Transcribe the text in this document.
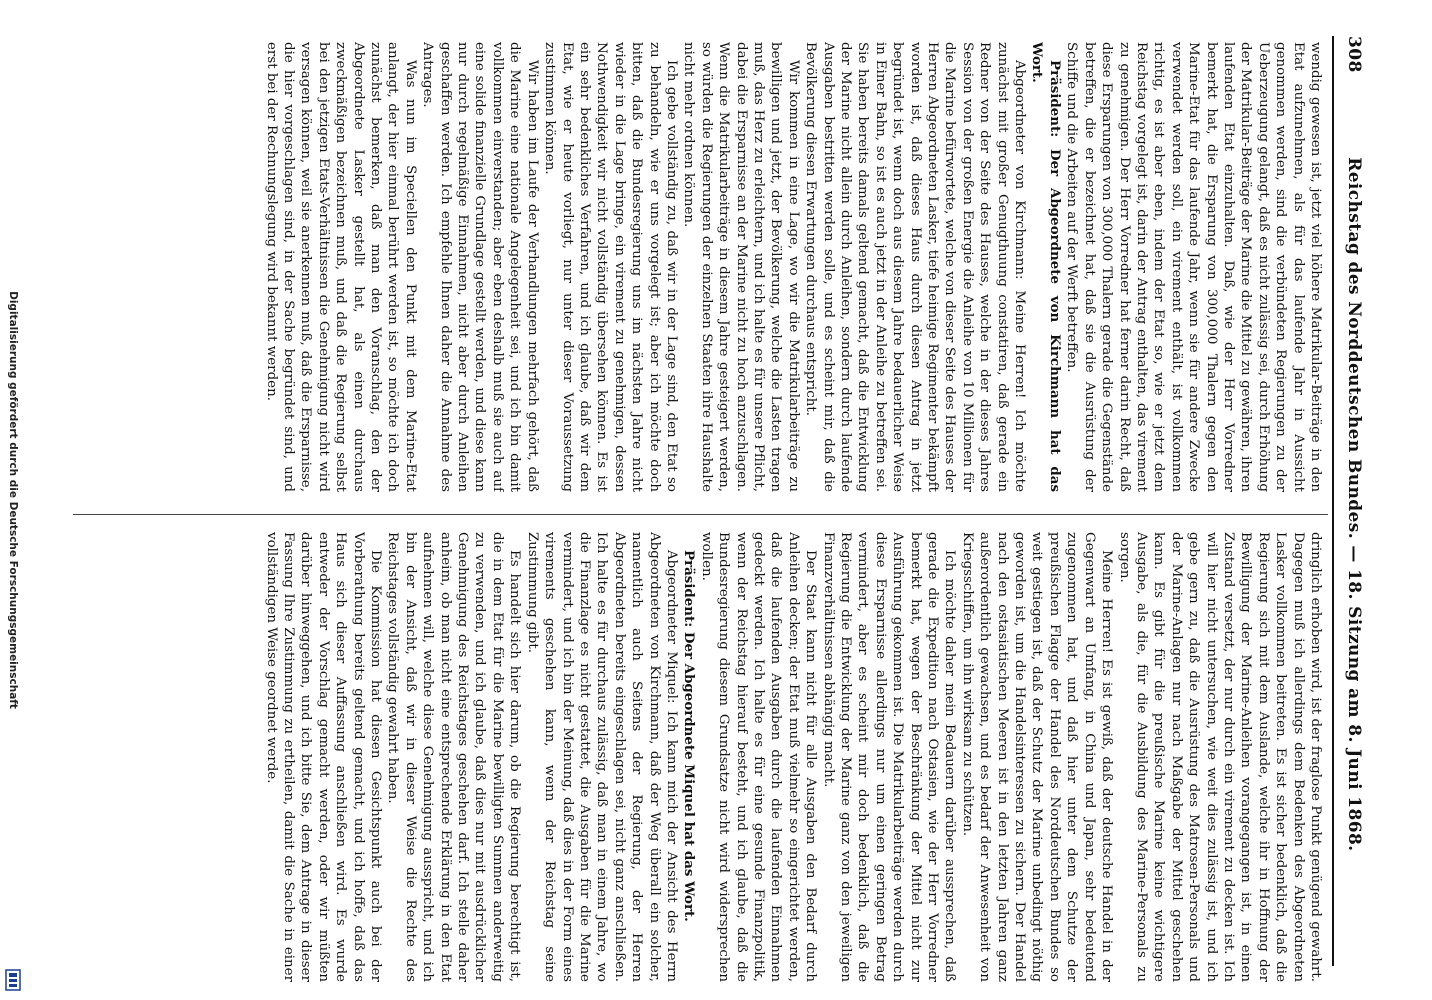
308
Reichstag des Norddeutschen Bundes. — 18. Sitzung am 8. Juni 1868.

wendig gewesen ist, jetzt viel höhere Matrikular-Beiträge in den Etat aufzunehmen, als für das laufende Jahr in Aussicht genommen werden, sind die verbündeten Regierungen zu der Ueberzeugung gelangt, daß es nicht zulässig sei, durch Erhöhung der Matrikular-Beiträge der Marine die Mittel zu gewähren, ihren laufenden Etat einzuhalten. Daß, wie der Herr Vorredner bemerkt hat, die Ersparung von 300,000 Thalern gegen den Marine-Etat für das laufende Jahr, wenn sie für andere Zwecke verwendet werden soll, ein virement enthält, ist vollkommen richtig, es ist aber eben, indem der Etat so, wie er jetzt dem Reichstag vorgelegt ist, darin der Antrag enthalten, das virement zu genehmigen. Der Herr Vorredner hat ferner darin Recht, daß diese Ersparungen von 300,000 Thalern gerade die Gegenstände betreffen, die er bezeichnet hat, daß sie die Ausrüstung der Schiffe und die Arbeiten auf der Werft betreffen.

Präsident: Der Abgeordnete von Kirchmann hat das Wort.

Abgeordneter von Kirchmann: Meine Herren! Ich möchte zunächst mit großer Genugthuung constatiren, daß gerade ein Redner von der Seite des Hauses, welche in der dieses Jahres Session von der großen Energie die Anleihe von 10 Millionen für die Marine befürwortete, welche von dieser Seite des Hauses der Herren Abgeordneten Lasker, tiefe heimige Regimenter bekämpft worden ist, daß dieses Haus durch diesen Antrag in jetzt begründet ist, wenn doch aus diesem Jahre bedauerlicher Weise in Einer Bahn, so ist es auch jetzt in der Anleihe zu betreffen sei. Sie haben bereits damals geltend gemacht, daß die Entwicklung der Marine nicht allein durch Anleihen, sondern durch laufende Ausgaben bestritten werden solle, und es scheint mir, daß die Bevölkerung diesen Erwartungen durchaus entspricht.

Wir kommen in eine Lage, wo wir die Matrikularbeiträge zu bewilligen und jetzt, der Bevölkerung, welche die Lasten tragen muß, das Herz zu erleichtern, und ich halte es für unsere Pflicht, dabei die Ersparnisse an der Marine nicht zu hoch anzuschlagen. Wenn die Matrikularbeiträge in diesem Jahre gesteigert werden, so würden die Regierungen der einzelnen Staaten ihre Haushalte nicht mehr ordnen können.

Ich gebe vollständig zu, daß wir in der Lage sind, den Etat so zu behandeln, wie er uns vorgelegt ist; aber ich möchte doch bitten, daß die Bundesregierung uns im nächsten Jahre nicht wieder in die Lage bringe, ein virement zu genehmigen, dessen Nothwendigkeit wir nicht vollständig übersehen können. Es ist ein sehr bedenkliches Verfahren, und ich glaube, daß wir dem Etat, wie er heute vorliegt, nur unter dieser Voraussetzung zustimmen können.

Wir haben im Laufe der Verhandlungen mehrfach gehört, daß die Marine eine nationale Angelegenheit sei, und ich bin damit vollkommen einverstanden; aber eben deshalb muß sie auch auf eine solide finanzielle Grundlage gestellt werden, und diese kann nur durch regelmäßige Einnahmen, nicht aber durch Anleihen geschaffen werden. Ich empfehle Ihnen daher die Annahme des Antrages.

Was nun im Speciellen den Punkt mit dem Marine-Etat anlangt, der hier einmal berührt werden ist, so möchte ich doch zunächst bemerken, daß man den Voranschlag, den der Abgeordnete Lasker gestellt hat, als einen durchaus zweckmäßigen bezeichnen muß, und daß die Regierung selbst bei den jetzigen Etats-Verhältnissen die Genehmigung nicht wird versagen können, weil sie anerkennen muß, daß die Ersparnisse, die hier vorgeschlagen sind, in der Sache begründet sind, und erst bei der Rechnungslegung wird bekannt werden.

dringlich erhoben wird, ist der fraglose Punkt genügend gewahrt. Dagegen muß ich allerdings dem Bedenken des Abgeordneten Lasker vollkommen beitreten. Es ist sicher bedenklich, daß die Regierung sich mit dem Auslande, welche ihr in Hoffnung der Bewilligung der Marine-Anleihen vorangegangen ist, in einen Zustand versetzt, der nur durch ein virement zu decken ist. Ich will hier nicht untersuchen, wie weit dies zulässig ist, und ich gebe gern zu, daß die Ausrüstung des Matrosen-Personals und der Marine-Anlagen nur nach Maßgabe der Mittel geschehen kann. Es gibt für die preußische Marine keine wichtigere Ausgabe, als die, für die Ausbildung des Marine-Personals zu sorgen.

Meine Herren! Es ist gewiß, daß der deutsche Handel in der Gegenwart an Umfang, in China und Japan, sehr bedeutend zugenommen hat, und daß hier unter dem Schutze der preußischen Flagge der Handel des Norddeutschen Bundes so weit gestiegen ist, daß der Schutz der Marine unbedingt nöthig geworden ist, um die Handelsinteressen zu sichern. Der Handel nach den ostasiatischen Meeren ist in den letzten Jahren ganz außerordentlich gewachsen, und es bedarf der Anwesenheit von Kriegsschiffen, um ihn wirksam zu schützen.

Ich möchte daher mein Bedauern darüber aussprechen, daß gerade die Expedition nach Ostasien, wie der Herr Vorredner bemerkt hat, wegen der Beschränkung der Mittel nicht zur Ausführung gekommen ist. Die Matrikularbeiträge werden durch diese Ersparnisse allerdings nur um einen geringen Betrag vermindert, aber es scheint mir doch bedenklich, daß die Regierung die Entwicklung der Marine ganz von den jeweiligen Finanzverhältnissen abhängig macht.

Der Staat kann nicht für alle Ausgaben den Bedarf durch Anleihen decken; der Etat muß vielmehr so eingerichtet werden, daß die laufenden Ausgaben durch die laufenden Einnahmen gedeckt werden. Ich halte es für eine gesunde Finanzpolitik, wenn der Reichstag hierauf besteht, und ich glaube, daß die Bundesregierung diesem Grundsatze nicht wird widersprechen wollen.

Präsident: Der Abgeordnete Miquel hat das Wort.

Abgeordneter Miquel: Ich kann mich der Ansicht des Herrn Abgeordneten von Kirchmann, daß der Weg überall ein solcher, namentlich auch Seitens der Regierung, der Herren Abgeordneten bereits eingeschlagen sei, nicht ganz anschließen. Ich halte es für durchaus zulässig, daß man in einem Jahre, wo die Finanzlage es nicht gestattet, die Ausgaben für die Marine vermindert, und ich bin der Meinung, daß dies in der Form eines virements geschehen kann, wenn der Reichstag seine Zustimmung gibt.

Es handelt sich hier darum, ob die Regierung berechtigt ist, die in dem Etat für die Marine bewilligten Summen anderweitig zu verwenden, und ich glaube, daß dies nur mit ausdrücklicher Genehmigung des Reichstages geschehen darf. Ich stelle daher anheim, ob man nicht eine entsprechende Erklärung in den Etat aufnehmen will, welche diese Genehmigung ausspricht, und ich bin der Ansicht, daß wir in dieser Weise die Rechte des Reichstages vollständig gewahrt haben.

Die Kommission hat diesen Gesichtspunkt auch bei der Vorberathung bereits geltend gemacht, und ich hoffe, daß das Haus sich dieser Auffassung anschließen wird. Es wurde entweder der Vorschlag gemacht werden, oder wir müßten darüber hinweggehen, und ich bitte Sie, dem Antrage in dieser Fassung Ihre Zustimmung zu ertheilen, damit die Sache in einer vollständigen Weise geordnet werde.

Digitalisierung gefördert durch die Deutsche Forschungsgemeinschaft
